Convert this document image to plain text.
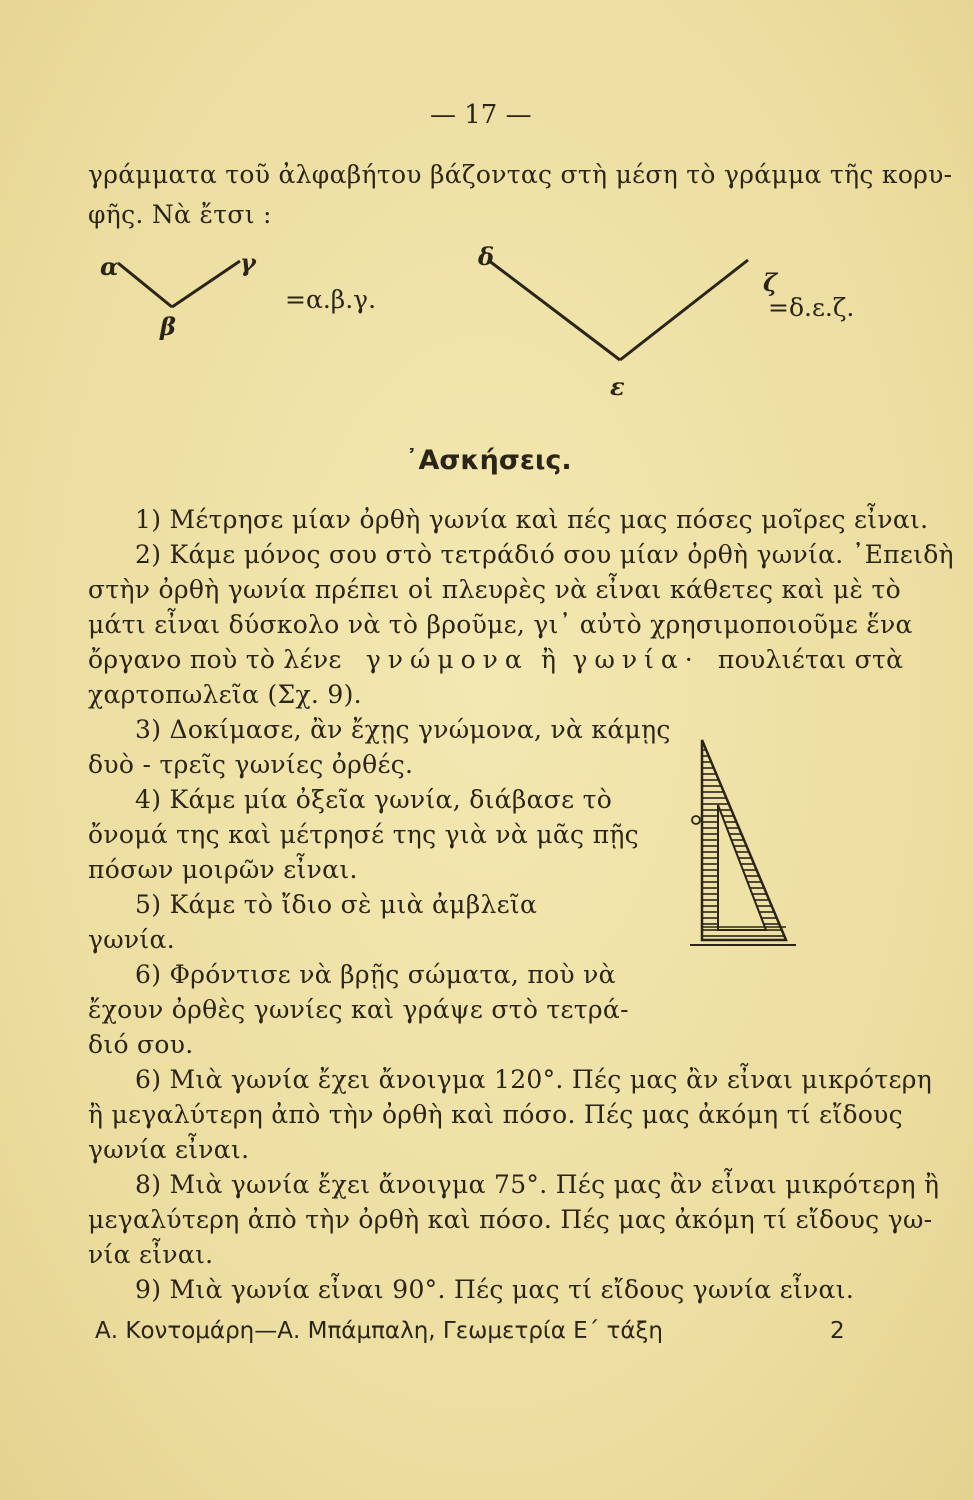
— 17 —
γράμματα τοῦ ἀλφαβήτου βάζοντας στὴ μέση τὸ γράμμα τῆς κορυ-
φῆς. Νὰ ἔτσι :
α	γ
β
=α.β.γ.
δ
ζ
ε
=δ.ε.ζ.
᾿Ασκήσεις.
1) Μέτρησε μίαν ὀρθὴ γωνία καὶ πές μας πόσες μοῖρες εἶναι.
2) Κάμε μόνος σου στὸ τετράδιό σου μίαν ὀρθὴ γωνία. ᾿Επειδὴ
στὴν ὀρθὴ γωνία πρέπει οἱ πλευρὲς νὰ εἶναι κάθετες καὶ μὲ τὸ
μάτι εἶναι δύσκολο νὰ τὸ βροῦμε, γι᾿ αὐτὸ χρησιμοποιοῦμε ἕνα
ὄργανο ποὺ τὸ λένε γνώμονα ἢ γωνία· πουλιέται στὰ
χαρτοπωλεῖα (Σχ. 9).
3) Δοκίμασε, ἂν ἔχῃς γνώμονα, νὰ κάμῃς
δυὸ - τρεῖς γωνίες ὀρθές.
4) Κάμε μία ὀξεῖα γωνία, διάβασε τὸ
ὄνομά της καὶ μέτρησέ της γιὰ νὰ μᾶς πῇς
πόσων μοιρῶν εἶναι.
5) Κάμε τὸ ἴδιο σὲ μιὰ ἀμβλεῖα
γωνία.
6) Φρόντισε νὰ βρῇς σώματα, ποὺ νὰ
ἔχουν ὀρθὲς γωνίες καὶ γράψε στὸ τετρά-
διό σου.
6) Μιὰ γωνία ἔχει ἄνοιγμα 120°. Πές μας ἂν εἶναι μικρότερη
ἢ μεγαλύτερη ἀπὸ τὴν ὀρθὴ καὶ πόσο. Πές μας ἀκόμη τί εἴδους
γωνία εἶναι.
8) Μιὰ γωνία ἔχει ἄνοιγμα 75°. Πές μας ἂν εἶναι μικρότερη ἢ
μεγαλύτερη ἀπὸ τὴν ὀρθὴ καὶ πόσο. Πές μας ἀκόμη τί εἴδους γω-
νία εἶναι.
9) Μιὰ γωνία εἶναι 90°. Πές μας τί εἴδους γωνία εἶναι.
Α. Κοντομάρη—Α. Μπάμπαλη, Γεωμετρία Ε΄ τάξη	2
